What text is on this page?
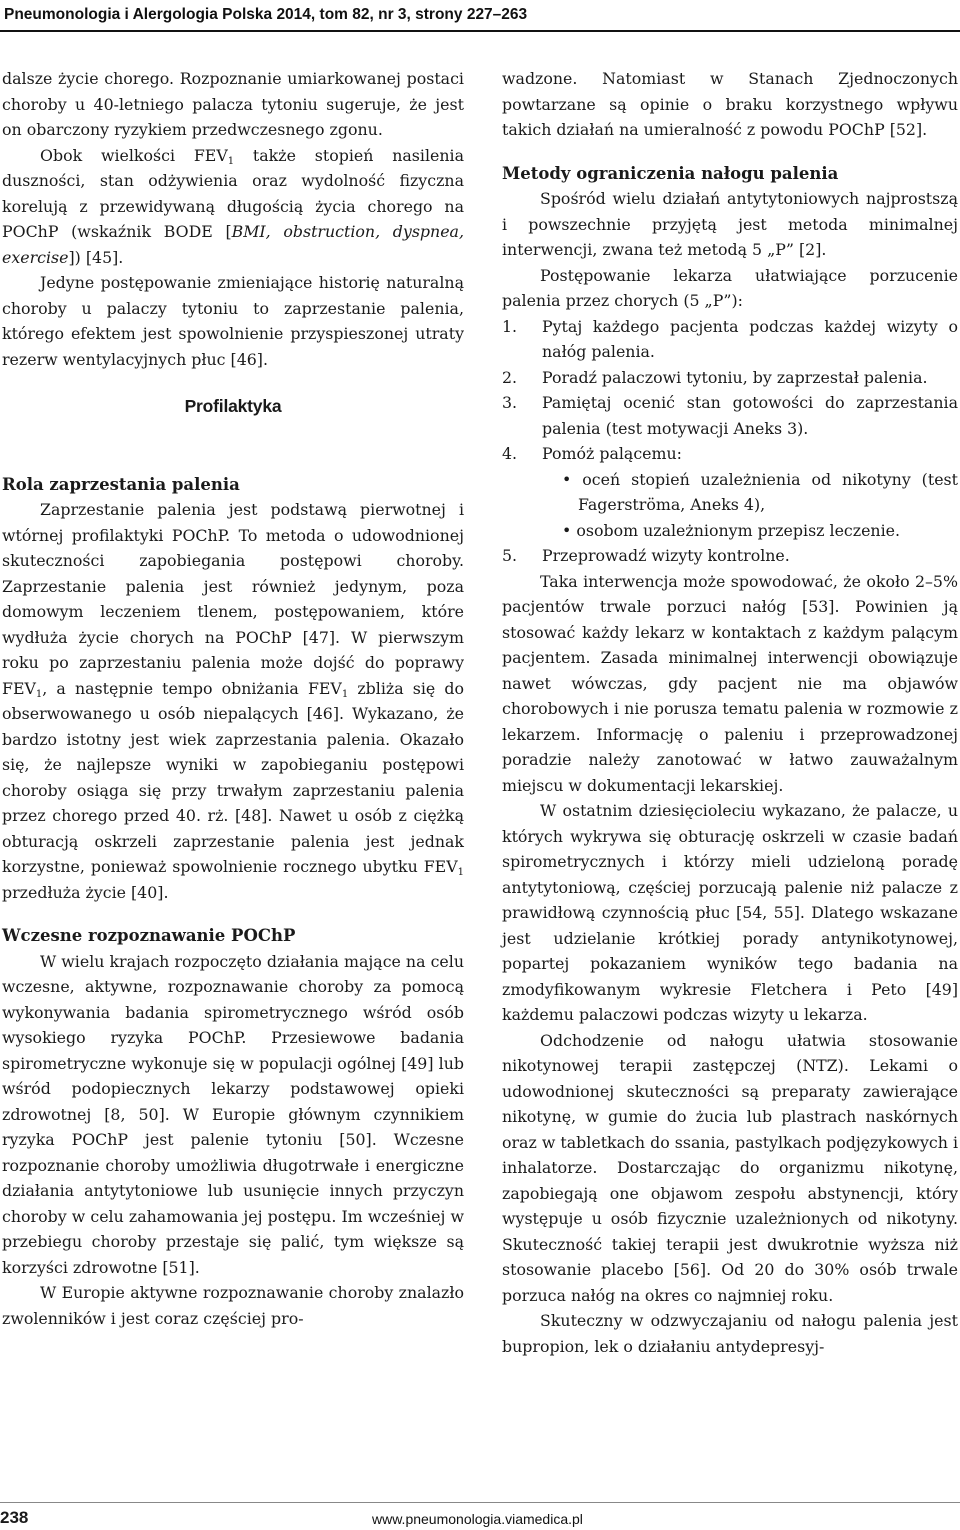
Pneumonologia i Alergologia Polska 2014, tom 82, nr 3, strony 227–263

dalsze życie chorego. Rozpoznanie umiarkowanej postaci choroby u 40-letniego palacza tytoniu sugeruje, że jest on obarczony ryzykiem przedwczesnego zgonu.

Obok wielkości $FEV_1$ także stopień nasilenia duszności, stan odżywienia oraz wydolność fizyczna korelują z przewidywaną długością życia chorego na POChP (wskaźnik BODE [BMI, obstruction, dyspnea, exercise]) [45].

Jedyne postępowanie zmieniające historię naturalną choroby u palaczy tytoniu to zaprzestanie palenia, którego efektem jest spowolnienie przyspieszonej utraty rezerw wentylacyjnych płuc [46].

Profilaktyka
Rola zaprzestania palenia

Zaprzestanie palenia jest podstawą pierwotnej i wtórnej profilaktyki POChP. To metoda o udowodnionej skuteczności zapobiegania postępowi choroby. Zaprzestanie palenia jest również jedynym, poza domowym leczeniem tlenem, postępowaniem, które wydłuża życie chorych na POChP [47]. W pierwszym roku po zaprzestaniu palenia może dojść do poprawy $FEV_1$, a następnie tempo obniżania $FEV_1$ zbliża się do obserwowanego u osób niepalących [46]. Wykazano, że bardzo istotny jest wiek zaprzestania palenia. Okazało się, że najlepsze wyniki w zapobieganiu postępowi choroby osiąga się przy trwałym zaprzestaniu palenia przez chorego przed 40. rż. [48]. Nawet u osób z ciężką obturacją oskrzeli zaprzestanie palenia jest jednak korzystne, ponieważ spowolnienie rocznego ubytku $FEV_1$ przedłuża życie [40].

Wczesne rozpoznawanie POChP

W wielu krajach rozpoczęto działania mające na celu wczesne, aktywne, rozpoznawanie choroby za pomocą wykonywania badania spirometrycznego wśród osób wysokiego ryzyka POChP. Przesiewowe badania spirometryczne wykonuje się w populacji ogólnej [49] lub wśród podopiecznych lekarzy podstawowej opieki zdrowotnej [8, 50]. W Europie głównym czynnikiem ryzyka POChP jest palenie tytoniu [50]. Wczesne rozpoznanie choroby umożliwia długotrwałe i energiczne działania antytytoniowe lub usunięcie innych przyczyn choroby w celu zahamowania jej postępu. Im wcześniej w przebiegu choroby przestaje się palić, tym większe są korzyści zdrowotne [51].

W Europie aktywne rozpoznawanie choroby znalazło zwolenników i jest coraz częściej pro-

wadzone. Natomiast w Stanach Zjednoczonych powtarzane są opinie o braku korzystnego wpływu takich działań na umieralność z powodu POChP [52].

Metody ograniczenia nałogu palenia

Spośród wielu działań antytytoniowych najprostszą i powszechnie przyjętą jest metoda minimalnej interwencji, zwana też metodą 5 „P” [2].

Postępowanie lekarza ułatwiające porzucenie palenia przez chorych (5 „P”):

1. Pytaj każdego pacjenta podczas każdej wizyty o nałóg palenia.
2. Poradź palaczowi tytoniu, by zaprzestał palenia.
3. Pamiętaj ocenić stan gotowości do zaprzestania palenia (test motywacji Aneks 3).
4. Pomóż palącemu:
• oceń stopień uzależnienia od nikotyny (test Fagerströma, Aneks 4),
• osobom uzależnionym przepisz leczenie.
5. Przeprowadź wizyty kontrolne.

Taka interwencja może spowodować, że około 2–5% pacjentów trwale porzuci nałóg [53]. Powinien ją stosować każdy lekarz w kontaktach z każdym palącym pacjentem. Zasada minimalnej interwencji obowiązuje nawet wówczas, gdy pacjent nie ma objawów chorobowych i nie porusza tematu palenia w rozmowie z lekarzem. Informację o paleniu i przeprowadzonej poradzie należy zanotować w łatwo zauważalnym miejscu w dokumentacji lekarskiej.

W ostatnim dziesięcioleciu wykazano, że palacze, u których wykrywa się obturację oskrzeli w czasie badań spirometrycznych i którzy mieli udzieloną poradę antytytoniową, częściej porzucają palenie niż palacze z prawidłową czynnością płuc [54, 55]. Dlatego wskazane jest udzielanie krótkiej porady antynikotynowej, popartej pokazaniem wyników tego badania na zmodyfikowanym wykresie Fletchera i Peto [49] każdemu palaczowi podczas wizyty u lekarza.

Odchodzenie od nałogu ułatwia stosowanie nikotynowej terapii zastępczej (NTZ). Lekami o udowodnionej skuteczności są preparaty zawierające nikotynę, w gumie do żucia lub plastrach naskórnych oraz w tabletkach do ssania, pastylkach podjęzykowych i inhalatorze. Dostarczając do organizmu nikotynę, zapobiegają one objawom zespołu abstynencji, który występuje u osób fizycznie uzależnionych od nikotyny. Skuteczność takiej terapii jest dwukrotnie wyższa niż stosowanie placebo [56]. Od 20 do 30% osób trwale porzuca nałóg na okres co najmniej roku.

Skuteczny w odzwyczajaniu od nałogu palenia jest bupropion, lek o działaniu antydepresyj-

238	www.pneumonologia.viamedica.pl
